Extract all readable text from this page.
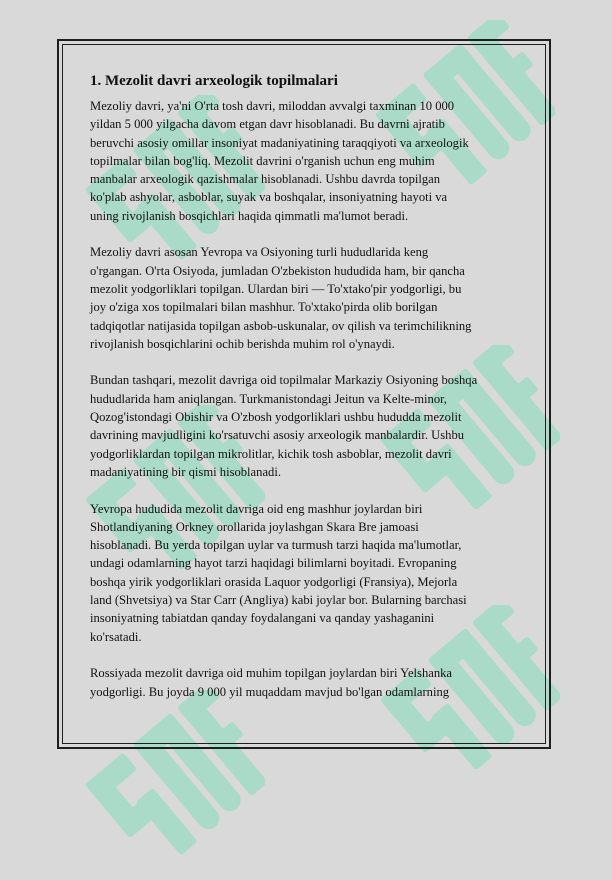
1. Mezolit davri arxeologik topilmalari
Mezoliy davri, ya'ni O'rta tosh davri, miloddan avvalgi taxminan 10 000
yildan 5 000 yilgacha davom etgan davr hisoblanadi. Bu davrni ajratib
beruvchi asosiy omillar insoniyat madaniyatining taraqqiyoti va arxeologik
topilmalar bilan bog'liq. Mezolit davrini o'rganish uchun eng muhim
manbalar arxeologik qazishmalar hisoblanadi. Ushbu davrda topilgan
ko'plab ashyolar, asboblar, suyak va boshqalar, insoniyatning hayoti va
uning rivojlanish bosqichlari haqida qimmatli ma'lumot beradi.
Mezoliy davri asosan Yevropa va Osiyoning turli hududlarida keng
o'rgangan. O'rta Osiyoda, jumladan O'zbekiston hududida ham, bir qancha
mezolit yodgorliklari topilgan. Ulardan biri — To'xtako'pir yodgorligi, bu
joy o'ziga xos topilmalari bilan mashhur. To'xtako'pirda olib borilgan
tadqiqotlar natijasida topilgan asbob-uskunalar, ov qilish va terimchilikning
rivojlanish bosqichlarini ochib berishda muhim rol o'ynaydi.
Bundan tashqari, mezolit davriga oid topilmalar Markaziy Osiyoning boshqa
hududlarida ham aniqlangan. Turkmanistondagi Jeitun va Kelte-minor,
Qozog'istondagi Obishir va O'zbosh yodgorliklari ushbu hududda mezolit
davrining mavjudligini ko'rsatuvchi asosiy arxeologik manbalardir. Ushbu
yodgorliklardan topilgan mikrolitlar, kichik tosh asboblar, mezolit davri
madaniyatining bir qismi hisoblanadi.
Yevropa hududida mezolit davriga oid eng mashhur joylardan biri
Shotlandiyaning Orkney orollarida joylashgan Skara Bre jamoasi
hisoblanadi. Bu yerda topilgan uylar va turmush tarzi haqida ma'lumotlar,
undagi odamlarning hayot tarzi haqidagi bilimlarni boyitadi. Evropaning
boshqa yirik yodgorliklari orasida Laquor yodgorligi (Fransiya), Mejorla
land (Shvetsiya) va Star Carr (Angliya) kabi joylar bor. Bularning barchasi
insoniyatning tabiatdan qanday foydalangani va qanday yashaganini
ko'rsatadi.
Rossiyada mezolit davriga oid muhim topilgan joylardan biri Yelshanka
yodgorligi. Bu joyda 9 000 yil muqaddam mavjud bo'lgan odamlarning
